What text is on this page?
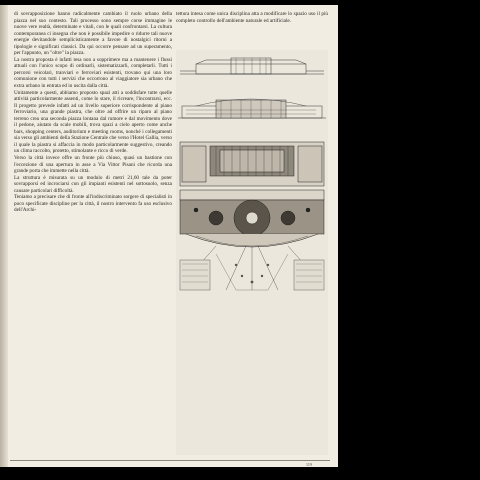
di sovrapposizione hanno radicalmente cambiato il ruolo urbano della piazza nel suo contesto. Tali processo sono sempre corse immagine le nuove vere realtà, determinate e vitali, con le quali confrontarsi. La cultura contemporanea ci insegna che non è possibile impedire o ridurre tali nuove energie devitandole semplicisticamente a favore di nostalgici ritorni a tipologie e significati classici. Da qui occorre pensare ad un superamento, per l'appunto, un "oltre" la piazza.

La nostra proposta è infatti tesa non a sopprimere ma a mantenere i flussi attuali con l'unico scopo di ordinarli, sistematizzarli, completarli. Tutti i percorsi veicolari, tranviari e ferroviari esistenti, trovano qui una loro comunione con tutti i servizi che occorrono al viaggiatore sia urbano che extra urbano in entrata ed in uscita dalla città.

Unitamente a questi, abbiamo proposto spazi atti a soddisfare tutte quelle attività particolarmente assenti, come lo stare, il ricreare, l'incontrarsi, ecc. Il progetto prevede infatti ad un livello superiore corrispondente al piano ferroviario, una grande piastra, che oltre ad offrire un riparo al piano terreno crea una seconda piazza lontana dal rumore e dal movimento dove il pedone, aiutato da scale mobili, trova spazi a cielo aperto come anche bars, shopping centers, auditorium e meeting rooms, nonché i collegamenti sia verso gli ambienti della Stazione Centrale che verso l'Hotel Gallia, verso il quale la piastra si affaccia in modo particolarmente suggestivo, creando un clima raccolto, protetto, stimolante e ricco di verde.

Verso la città invece offre un fronte più chiuso, quasi un bastione con l'eccezione di una apertura in asse a Via Vittor Pisani che ricorda una grande porta che immette nella città.

La struttura è misurata su un modulo di metri 21,60 tale da poter sovrapporsi ed incrociarsi con gli impianti esistenti nel sottosuolo, senza causare particolari difficoltà.

Teniamo a precisare che di fronte all'indiscriminato sorgere di specialisti in poco specificate discipline per la città, il nostro intervento fa uso esclusivo dell'Archi-

tettura intesa come unica disciplina atta a modificare lo spazio uso il più completo controllo dell'ambiente naturale ed artificiale.
119
